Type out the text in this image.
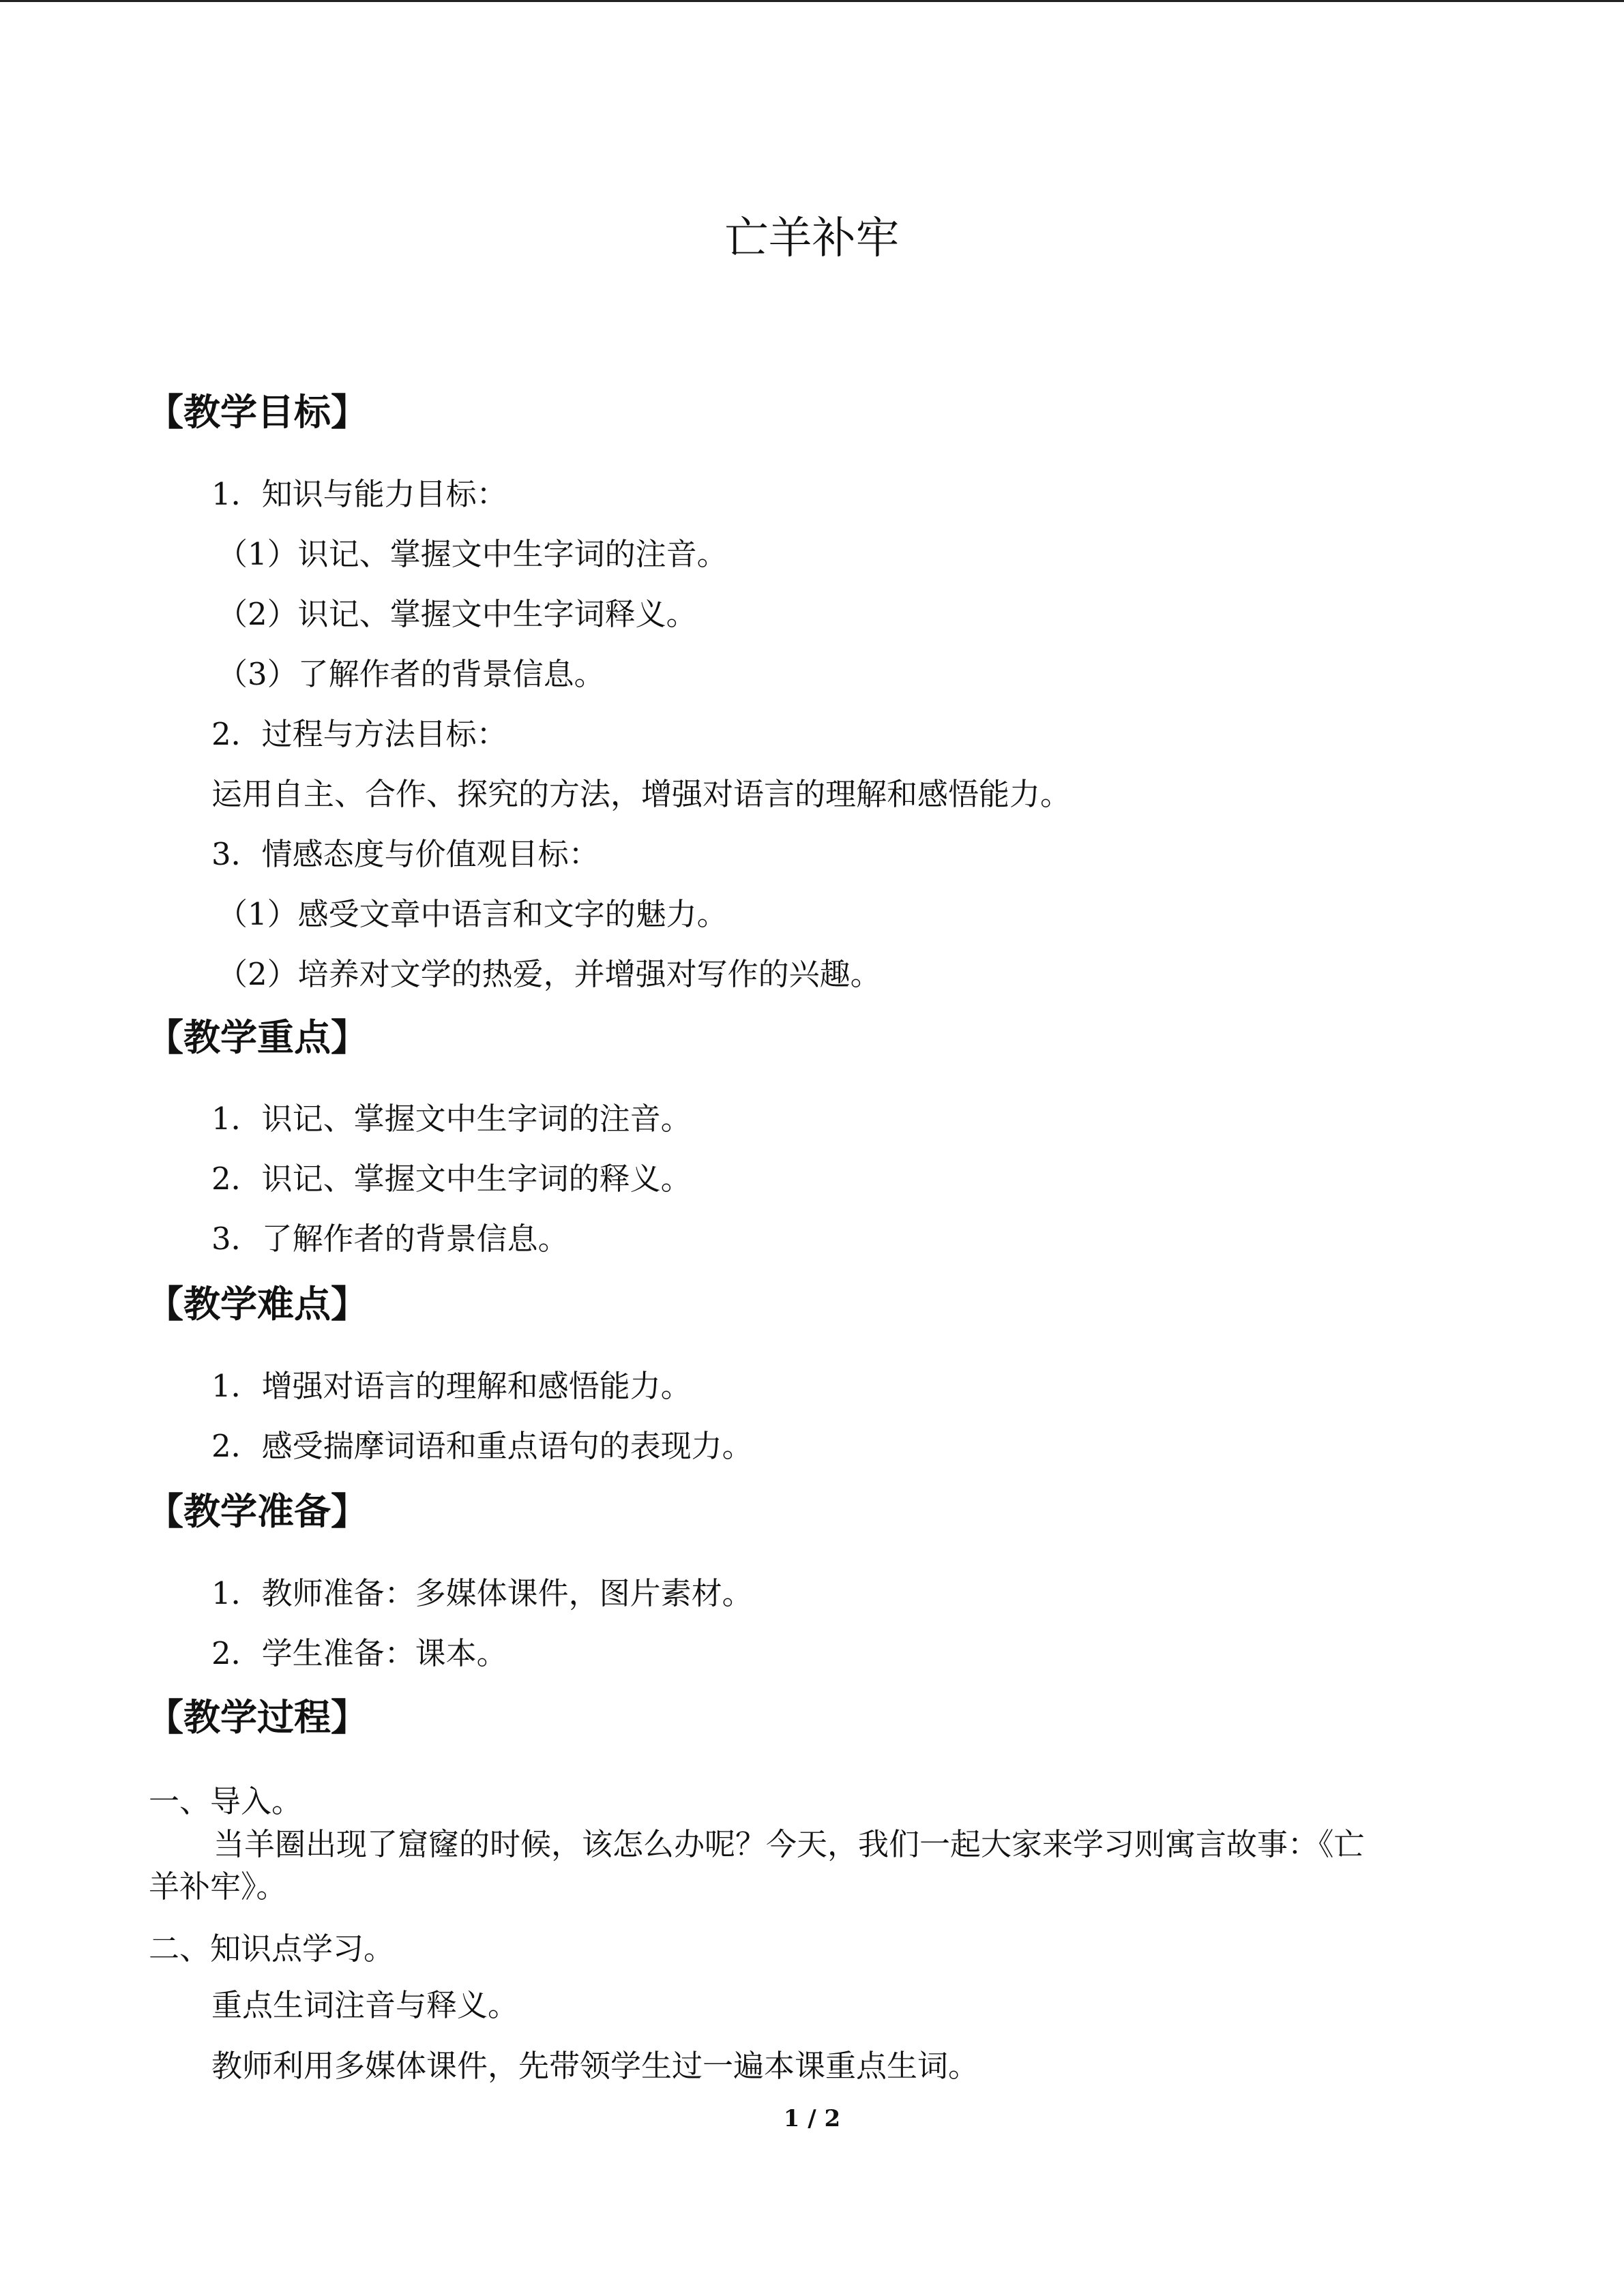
亡羊补牢
【教学目标】
1．知识与能力目标：
（1）识记、掌握文中生字词的注音。
（2）识记、掌握文中生字词释义。
（3）了解作者的背景信息。
2．过程与方法目标：
运用自主、合作、探究的方法，增强对语言的理解和感悟能力。
3．情感态度与价值观目标：
（1）感受文章中语言和文字的魅力。
（2）培养对文学的热爱，并增强对写作的兴趣。
【教学重点】
1．识记、掌握文中生字词的注音。
2．识记、掌握文中生字词的释义。
3．了解作者的背景信息。
【教学难点】
1．增强对语言的理解和感悟能力。
2．感受揣摩词语和重点语句的表现力。
【教学准备】
1．教师准备：多媒体课件，图片素材。
2．学生准备：课本。
【教学过程】
一、导入。
当羊圈出现了窟窿的时候，该怎么办呢？今天，我们一起大家来学习则寓言故事：《亡
羊补牢》。
二、知识点学习。
重点生词注音与释义。
教师利用多媒体课件，先带领学生过一遍本课重点生词。
1 / 2
